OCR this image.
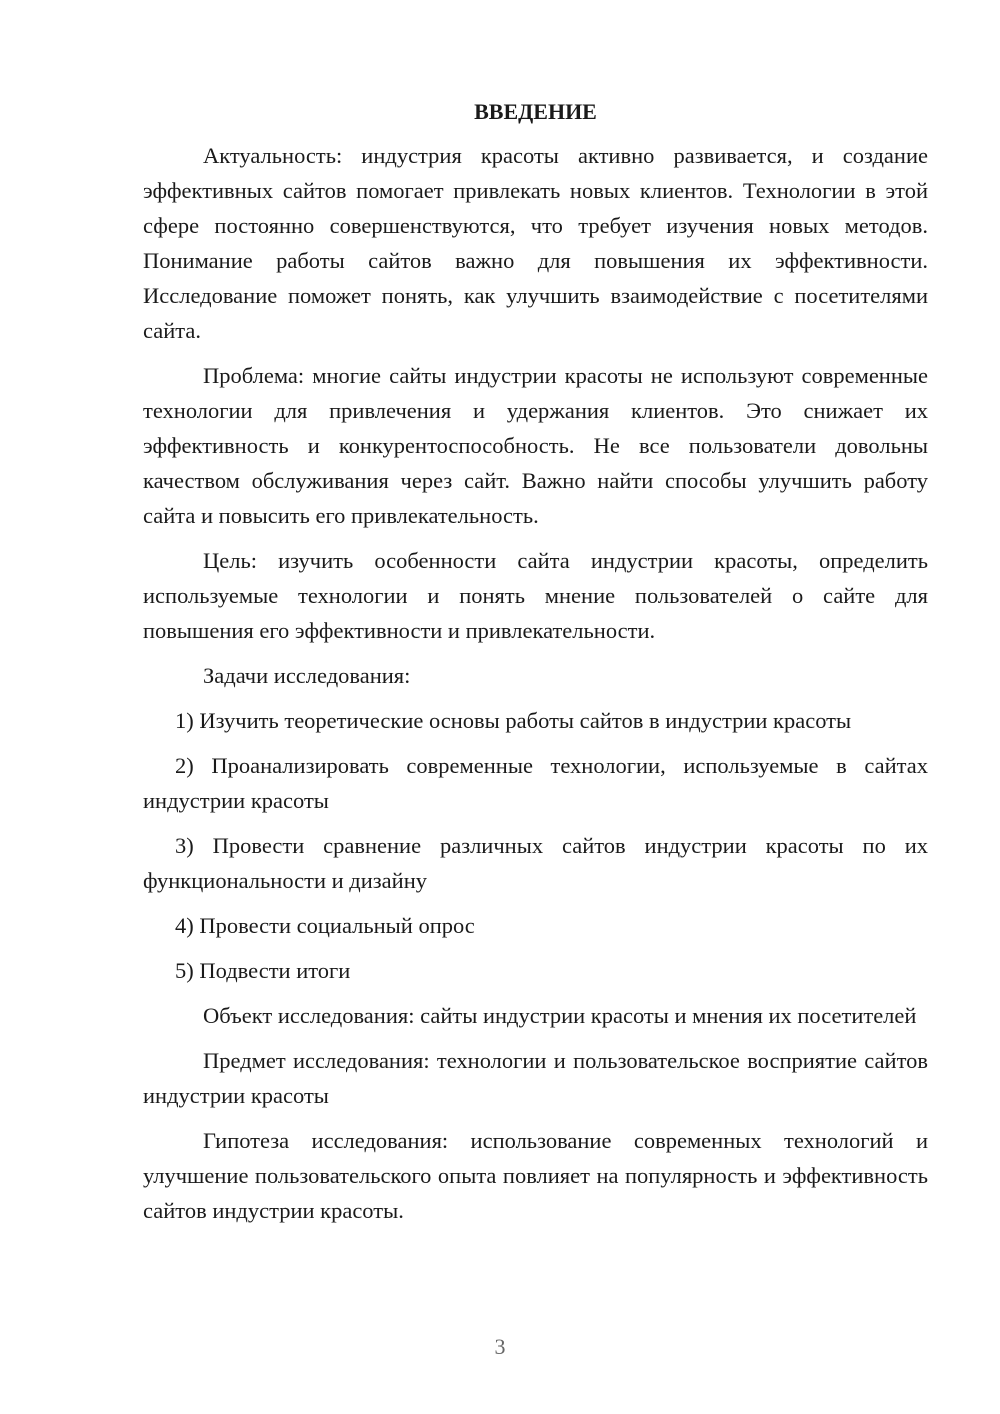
ВВЕДЕНИЕ

Актуальность: индустрия красоты активно развивается, и создание эффективных сайтов помогает привлекать новых клиентов. Технологии в этой сфере постоянно совершенствуются, что требует изучения новых методов. Понимание работы сайтов важно для повышения их эффективности. Исследование поможет понять, как улучшить взаимодействие с посетителями сайта.

Проблема: многие сайты индустрии красоты не используют современные технологии для привлечения и удержания клиентов. Это снижает их эффективность и конкурентоспособность. Не все пользователи довольны качеством обслуживания через сайт. Важно найти способы улучшить работу сайта и повысить его привлекательность.

Цель: изучить особенности сайта индустрии красоты, определить используемые технологии и понять мнение пользователей о сайте для повышения его эффективности и привлекательности.

Задачи исследования:

1) Изучить теоретические основы работы сайтов в индустрии красоты

2) Проанализировать современные технологии, используемые в сайтах индустрии красоты

3) Провести сравнение различных сайтов индустрии красоты по их функциональности и дизайну

4) Провести социальный опрос

5) Подвести итоги

Объект исследования: сайты индустрии красоты и мнения их посетителей

Предмет исследования: технологии и пользовательское восприятие сайтов индустрии красоты

Гипотеза исследования: использование современных технологий и улучшение пользовательского опыта повлияет на популярность и эффективность сайтов индустрии красоты.

3
